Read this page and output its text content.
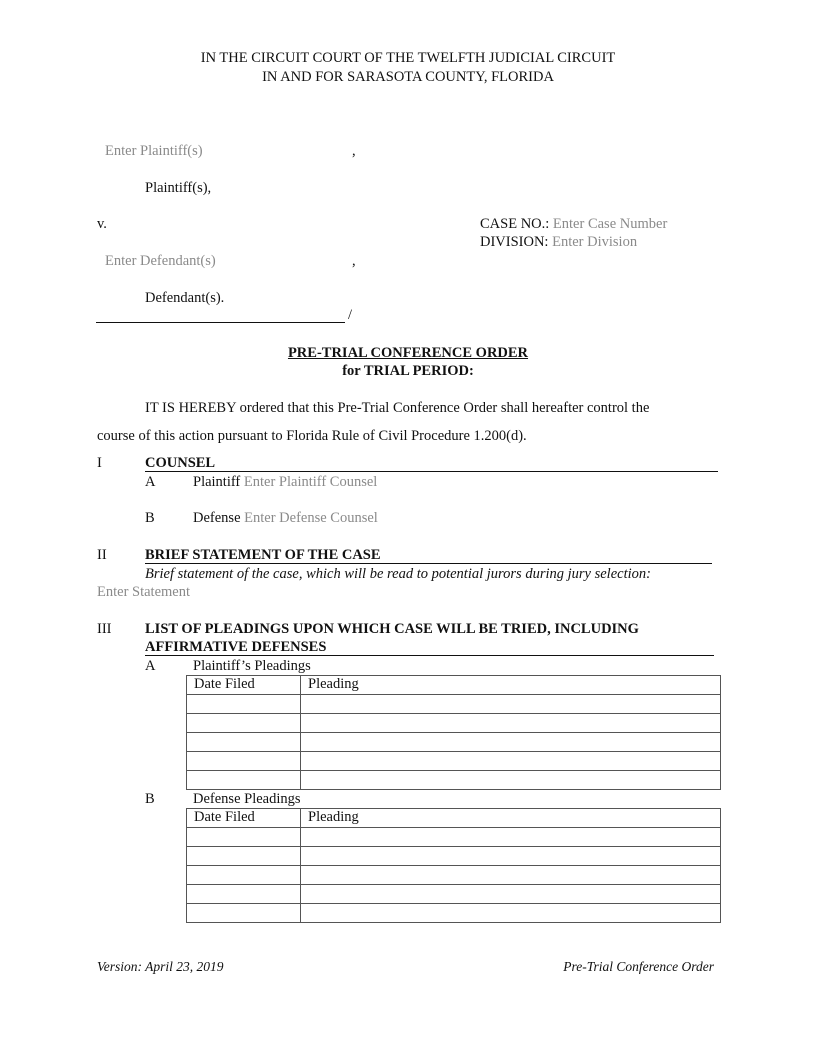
IN THE CIRCUIT COURT OF THE TWELFTH JUDICIAL CIRCUIT
IN AND FOR SARASOTA COUNTY, FLORIDA
Enter Plaintiff(s)	,
Plaintiff(s),
v.	CASE NO.: Enter Case Number
DIVISION: Enter Division
Enter Defendant(s)	,
Defendant(s).
/
PRE-TRIAL CONFERENCE ORDER
for TRIAL PERIOD:
IT IS HEREBY ordered that this Pre-Trial Conference Order shall hereafter control the
course of this action pursuant to Florida Rule of Civil Procedure 1.200(d).
I	COUNSEL
A	Plaintiff Enter Plaintiff Counsel
B	Defense Enter Defense Counsel
II	BRIEF STATEMENT OF THE CASE
Brief statement of the case, which will be read to potential jurors during jury selection:
Enter Statement
III LIST OF PLEADINGS UPON WHICH CASE WILL BE TRIED, INCLUDING
AFFIRMATIVE DEFENSES
A	Plaintiff’s Pleadings
Date Filed	Pleading

B	Defense Pleadings
Date Filed	Pleading

Version: April 23, 2019	Pre-Trial Conference Order
